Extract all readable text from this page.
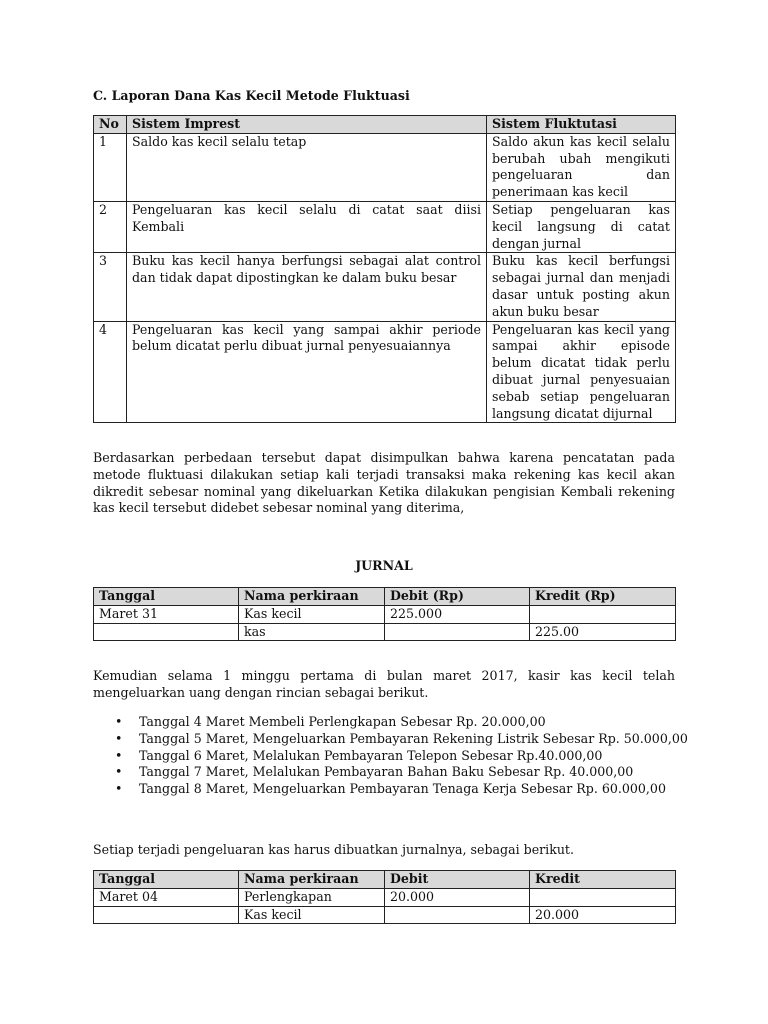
C. Laporan Dana Kas Kecil Metode Fluktuasi
No	Sistem Imprest	Sistem Fluktutasi
1	Saldo kas kecil selalu tetap	Saldo akun kas kecil selalu berubah ubah mengikuti pengeluaran dan penerimaan kas kecil
2	Pengeluaran kas kecil selalu di catat saat diisi Kembali	Setiap pengeluaran kas kecil langsung di catat dengan jurnal
3	Buku kas kecil hanya berfungsi sebagai alat control dan tidak dapat dipostingkan ke dalam buku besar	Buku kas kecil berfungsi sebagai jurnal dan menjadi dasar untuk posting akun akun buku besar
4	Pengeluaran kas kecil yang sampai akhir periode belum dicatat perlu dibuat jurnal penyesuaiannya	Pengeluaran kas kecil yang sampai akhir episode belum dicatat tidak perlu dibuat jurnal penyesuaian sebab setiap pengeluaran langsung dicatat dijurnal

Berdasarkan perbedaan tersebut dapat disimpulkan bahwa karena pencatatan pada metode fluktuasi dilakukan setiap kali terjadi transaksi maka rekening kas kecil akan dikredit sebesar nominal yang dikeluarkan Ketika dilakukan pengisian Kembali rekening kas kecil tersebut didebet sebesar nominal yang diterima,

JURNAL
Tanggal	Nama perkiraan	Debit (Rp)	Kredit (Rp)
Maret 31	Kas kecil	225.000	
	kas		225.00

Kemudian selama 1 minggu pertama di bulan maret 2017, kasir kas kecil telah mengeluarkan uang dengan rincian sebagai berikut.

• Tanggal 4 Maret Membeli Perlengkapan Sebesar Rp. 20.000,00
• Tanggal 5 Maret, Mengeluarkan Pembayaran Rekening Listrik Sebesar Rp. 50.000,00
• Tanggal 6 Maret, Melalukan Pembayaran Telepon Sebesar Rp.40.000,00
• Tanggal 7 Maret, Melalukan Pembayaran Bahan Baku Sebesar Rp. 40.000,00
• Tanggal 8 Maret, Mengeluarkan Pembayaran Tenaga Kerja Sebesar Rp. 60.000,00

Setiap terjadi pengeluaran kas harus dibuatkan jurnalnya, sebagai berikut.

Tanggal	Nama perkiraan	Debit	Kredit
Maret 04	Perlengkapan	20.000	
	Kas kecil		20.000
